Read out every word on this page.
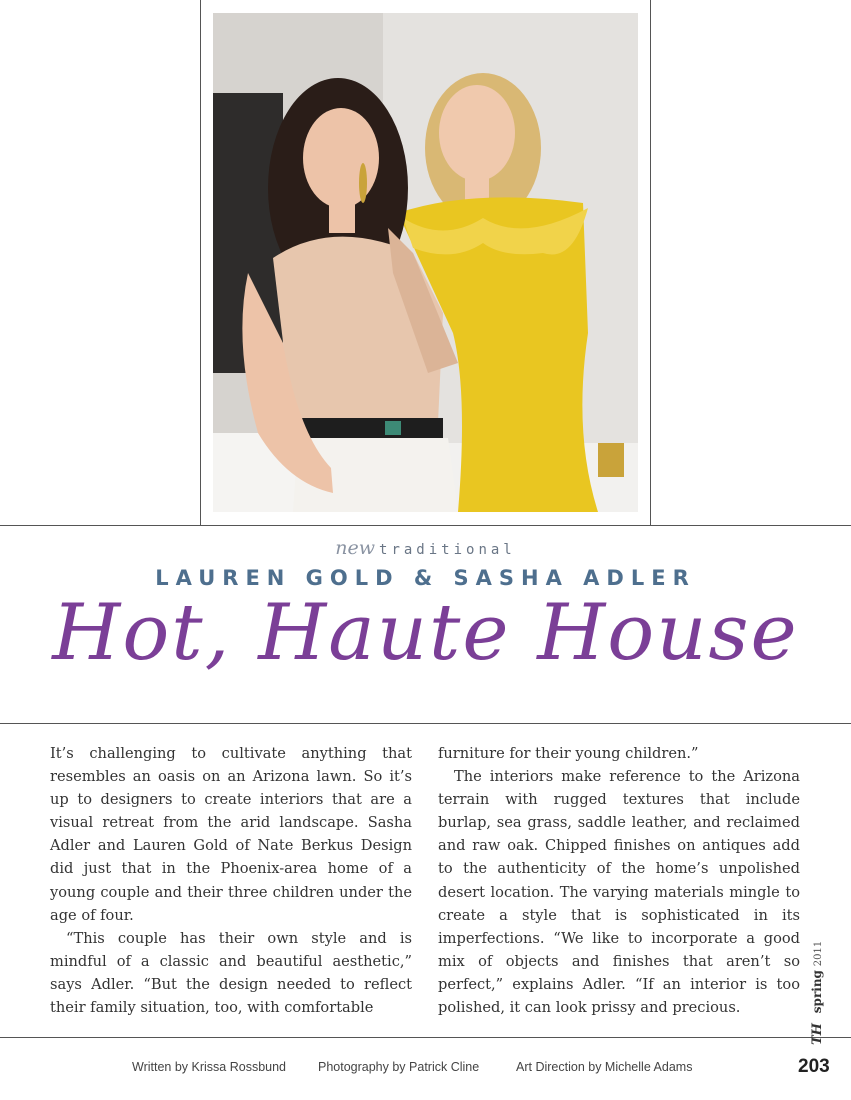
new traditional
LAUREN GOLD & SASHA ADLER
Hot, Haute House

It’s challenging to cultivate anything that resembles an oasis on an Arizona lawn. So it’s up to designers to create interiors that are a visual retreat from the arid landscape. Sasha Adler and Lauren Gold of Nate Berkus Design did just that in the Phoenix-area home of a young couple and their three children under the age of four.

“This couple has their own style and is mindful of a classic and beautiful aesthetic,” says Adler. “But the design needed to reflect their family situation, too, with comfortable

furniture for their young children.”

The interiors make reference to the Arizona terrain with rugged textures that include burlap, sea grass, saddle leather, and reclaimed and raw oak. Chipped finishes on antiques add to the authenticity of the home’s unpolished desert location. The varying materials mingle to create a style that is sophisticated in its imperfections. “We like to incorporate a good mix of objects and finishes that aren’t so perfect,” explains Adler. “If an interior is too polished, it can look prissy and precious.

TH spring 2011
Written by Krissa Rossbund	Photography by Patrick Cline	Art Direction by Michelle Adams	203
